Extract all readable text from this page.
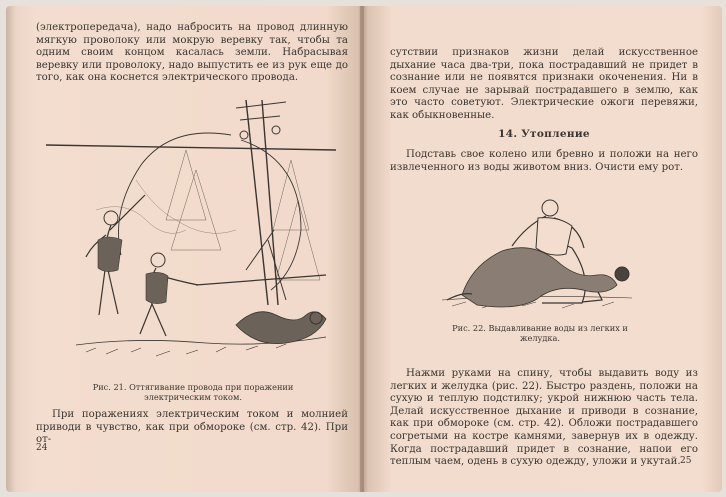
(электропередача), надо набросить на провод длинную мягкую проволоку или мокрую веревку так, чтобы та одним своим концом касалась земли. Набрасывая веревку или проволоку, надо выпустить ее из рук еще до того, как она коснется электрического провода.

Рис. 21. Оттягивание провода при поражении электрическим током.

При поражениях электрическим током и молнией приводи в чувство, как при обмороке (см. стр. 42). При от-

24

сутствии признаков жизни делай искусственное дыхание часа два-три, пока пострадавший не придет в сознание или не появятся признаки окоченения. Ни в коем случае не зарывай пострадавшего в землю, как это часто советуют. Электрические ожоги перевяжи, как обыкновенные.

14. Утопление

Подставь свое колено или бревно и положи на него извлеченного из воды животом вниз. Очисти ему рот.

Рис. 22. Выдавливание воды из легких и желудка.

Нажми руками на спину, чтобы выдавить воду из легких и желудка (рис. 22). Быстро раздень, положи на сухую и теплую подстилку; укрой нижнюю часть тела. Делай искусственное дыхание и приводи в сознание, как при обмороке (см. стр. 42). Обложи пострадавшего согретыми на костре камнями, завернув их в одежду. Когда пострадавший придет в сознание, напои его теплым чаем, одень в сухую одежду, уложи и укутай. 25
